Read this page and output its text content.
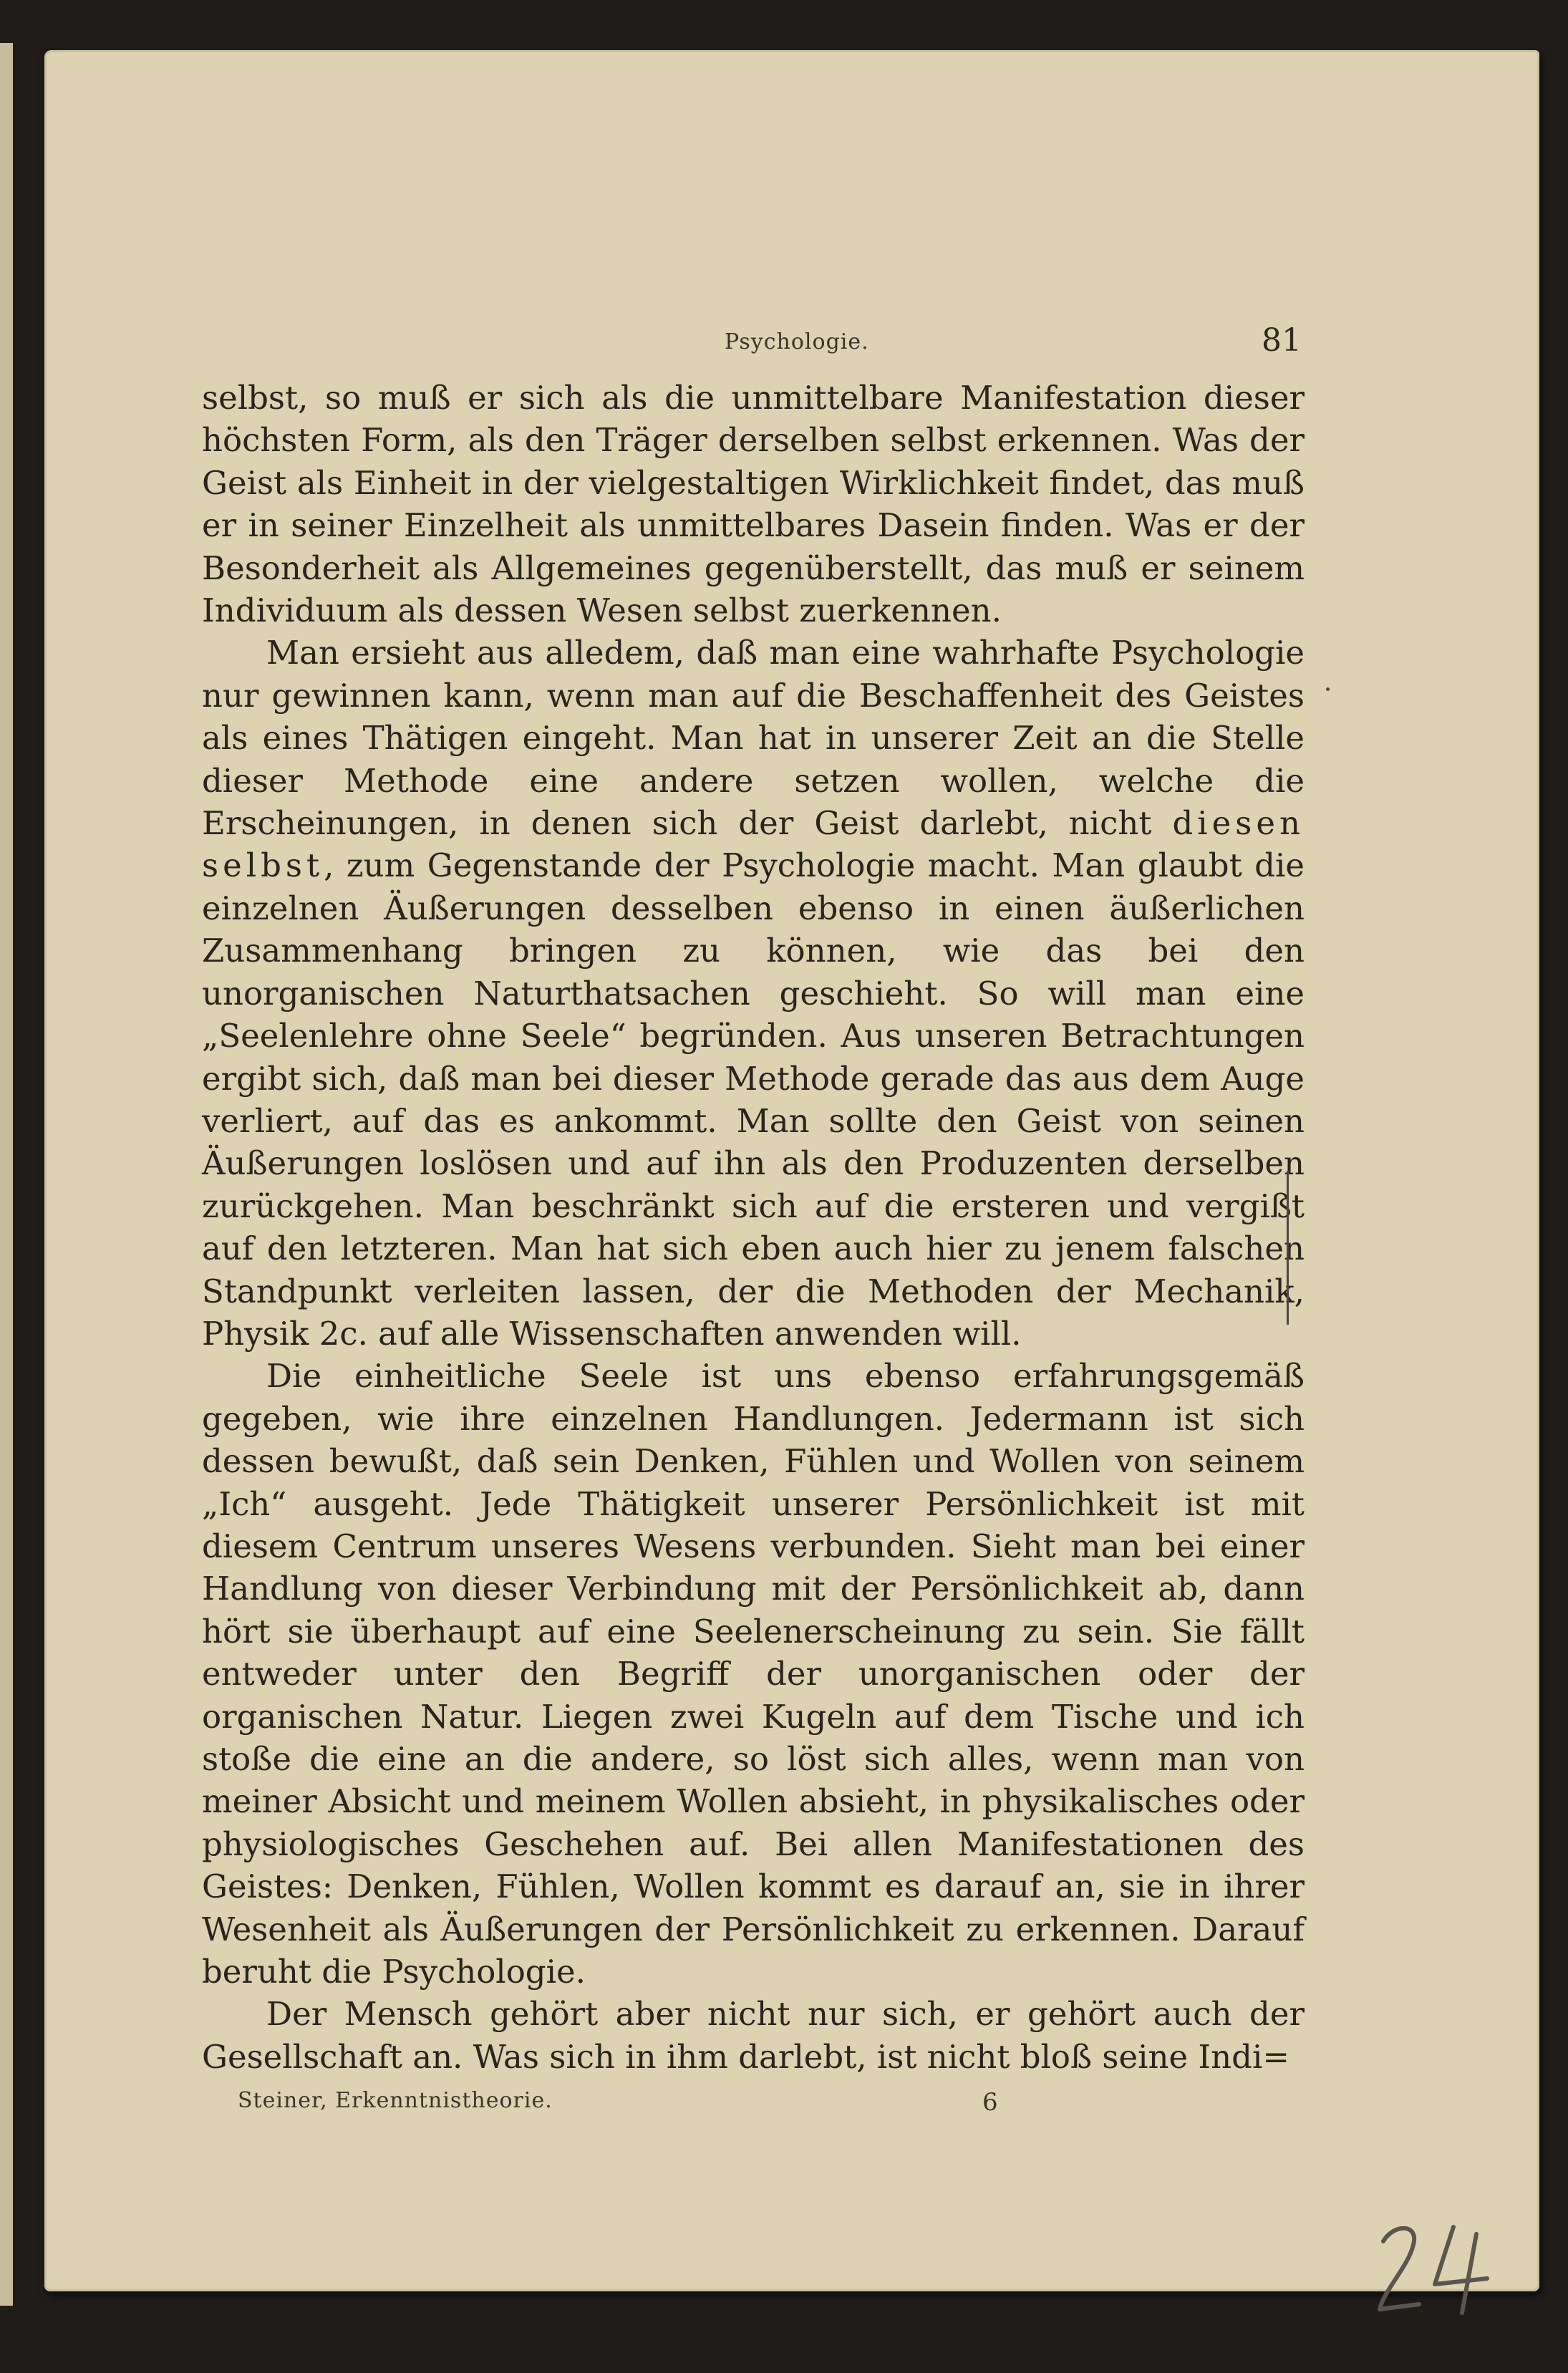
Psychologie.	81

selbst, so muß er sich als die unmittelbare Manifestation dieser höchsten Form, als den Träger derselben selbst erkennen. Was der Geist als Einheit in der vielgestaltigen Wirklichkeit findet, das muß er in seiner Einzelheit als unmittelbares Dasein finden. Was er der Besonderheit als Allgemeines gegenüberstellt, das muß er seinem Individuum als dessen Wesen selbst zuerkennen.

Man ersieht aus alledem, daß man eine wahrhafte Psychologie nur gewinnen kann, wenn man auf die Beschaffenheit des Geistes als eines Thätigen eingeht. Man hat in unserer Zeit an die Stelle dieser Methode eine andere setzen wollen, welche die Erscheinungen, in denen sich der Geist darlebt, nicht diesen selbst, zum Gegenstande der Psychologie macht. Man glaubt die einzelnen Äußerungen desselben ebenso in einen äußerlichen Zusammenhang bringen zu können, wie das bei den unorganischen Naturthatsachen geschieht. So will man eine „Seelenlehre ohne Seele“ begründen. Aus unseren Betrachtungen ergibt sich, daß man bei dieser Methode gerade das aus dem Auge verliert, auf das es ankommt. Man sollte den Geist von seinen Äußerungen loslösen und auf ihn als den Produzenten derselben zurückgehen. Man beschränkt sich auf die ersteren und vergißt auf den letzteren. Man hat sich eben auch hier zu jenem falschen Standpunkt verleiten lassen, der die Methoden der Mechanik, Physik 2c. auf alle Wissenschaften anwenden will.

Die einheitliche Seele ist uns ebenso erfahrungsgemäß gegeben, wie ihre einzelnen Handlungen. Jedermann ist sich dessen bewußt, daß sein Denken, Fühlen und Wollen von seinem „Ich“ ausgeht. Jede Thätigkeit unserer Persönlichkeit ist mit diesem Centrum unseres Wesens verbunden. Sieht man bei einer Handlung von dieser Verbindung mit der Persönlichkeit ab, dann hört sie überhaupt auf eine Seelenerscheinung zu sein. Sie fällt entweder unter den Begriff der unorganischen oder der organischen Natur. Liegen zwei Kugeln auf dem Tische und ich stoße die eine an die andere, so löst sich alles, wenn man von meiner Absicht und meinem Wollen absieht, in physikalisches oder physiologisches Geschehen auf. Bei allen Manifestationen des Geistes: Denken, Fühlen, Wollen kommt es darauf an, sie in ihrer Wesenheit als Äußerungen der Persönlichkeit zu erkennen. Darauf beruht die Psychologie.

Der Mensch gehört aber nicht nur sich, er gehört auch der Gesellschaft an. Was sich in ihm darlebt, ist nicht bloß seine Indi=

Steiner, Erkenntnistheorie.	6
